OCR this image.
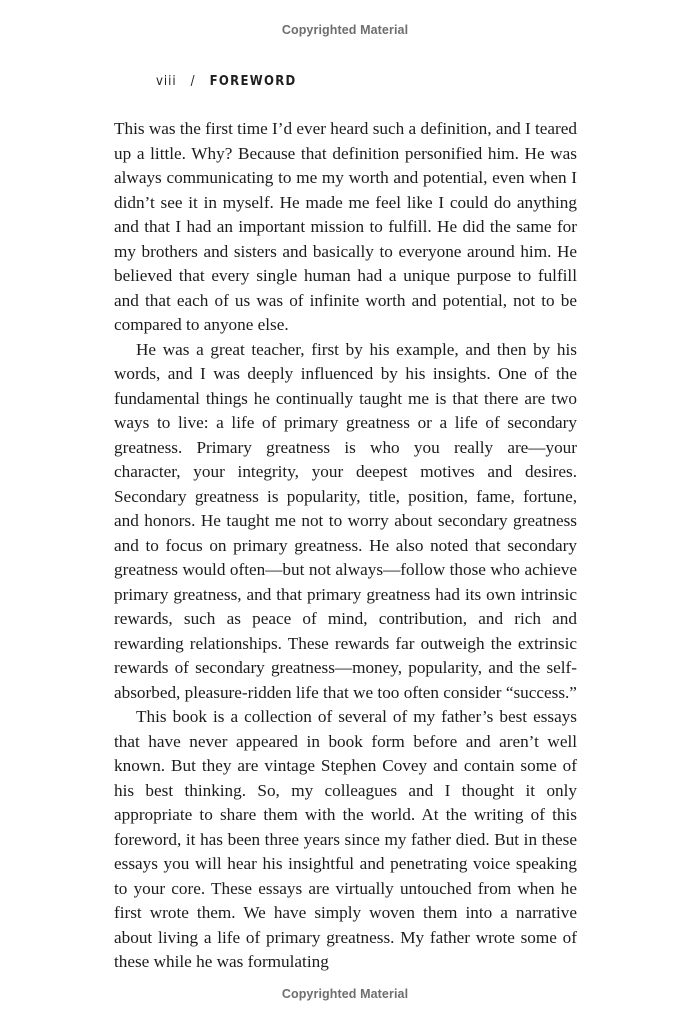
Copyrighted Material
viii / FOREWORD

This was the first time I’d ever heard such a definition, and I teared up a little. Why? Because that definition personified him. He was always communicating to me my worth and potential, even when I didn’t see it in myself. He made me feel like I could do anything and that I had an important mission to fulfill. He did the same for my brothers and sisters and basically to everyone around him. He believed that every single human had a unique purpose to fulfill and that each of us was of infinite worth and potential, not to be compared to anyone else.

He was a great teacher, first by his example, and then by his words, and I was deeply influenced by his insights. One of the fundamental things he continually taught me is that there are two ways to live: a life of primary greatness or a life of secondary greatness. Primary greatness is who you really are—your character, your integrity, your deepest motives and desires. Secondary greatness is popularity, title, position, fame, fortune, and honors. He taught me not to worry about secondary greatness and to focus on primary greatness. He also noted that secondary greatness would often—but not always—follow those who achieve primary greatness, and that primary greatness had its own intrinsic rewards, such as peace of mind, contribution, and rich and rewarding relationships. These rewards far outweigh the extrinsic rewards of secondary greatness—money, popularity, and the self-absorbed, pleasure-ridden life that we too often consider “success.”

This book is a collection of several of my father’s best essays that have never appeared in book form before and aren’t well known. But they are vintage Stephen Covey and contain some of his best thinking. So, my colleagues and I thought it only appropriate to share them with the world. At the writing of this foreword, it has been three years since my father died. But in these essays you will hear his insightful and penetrating voice speaking to your core. These essays are virtually untouched from when he first wrote them. We have simply woven them into a narrative about living a life of primary greatness. My father wrote some of these while he was formulating

Copyrighted Material
